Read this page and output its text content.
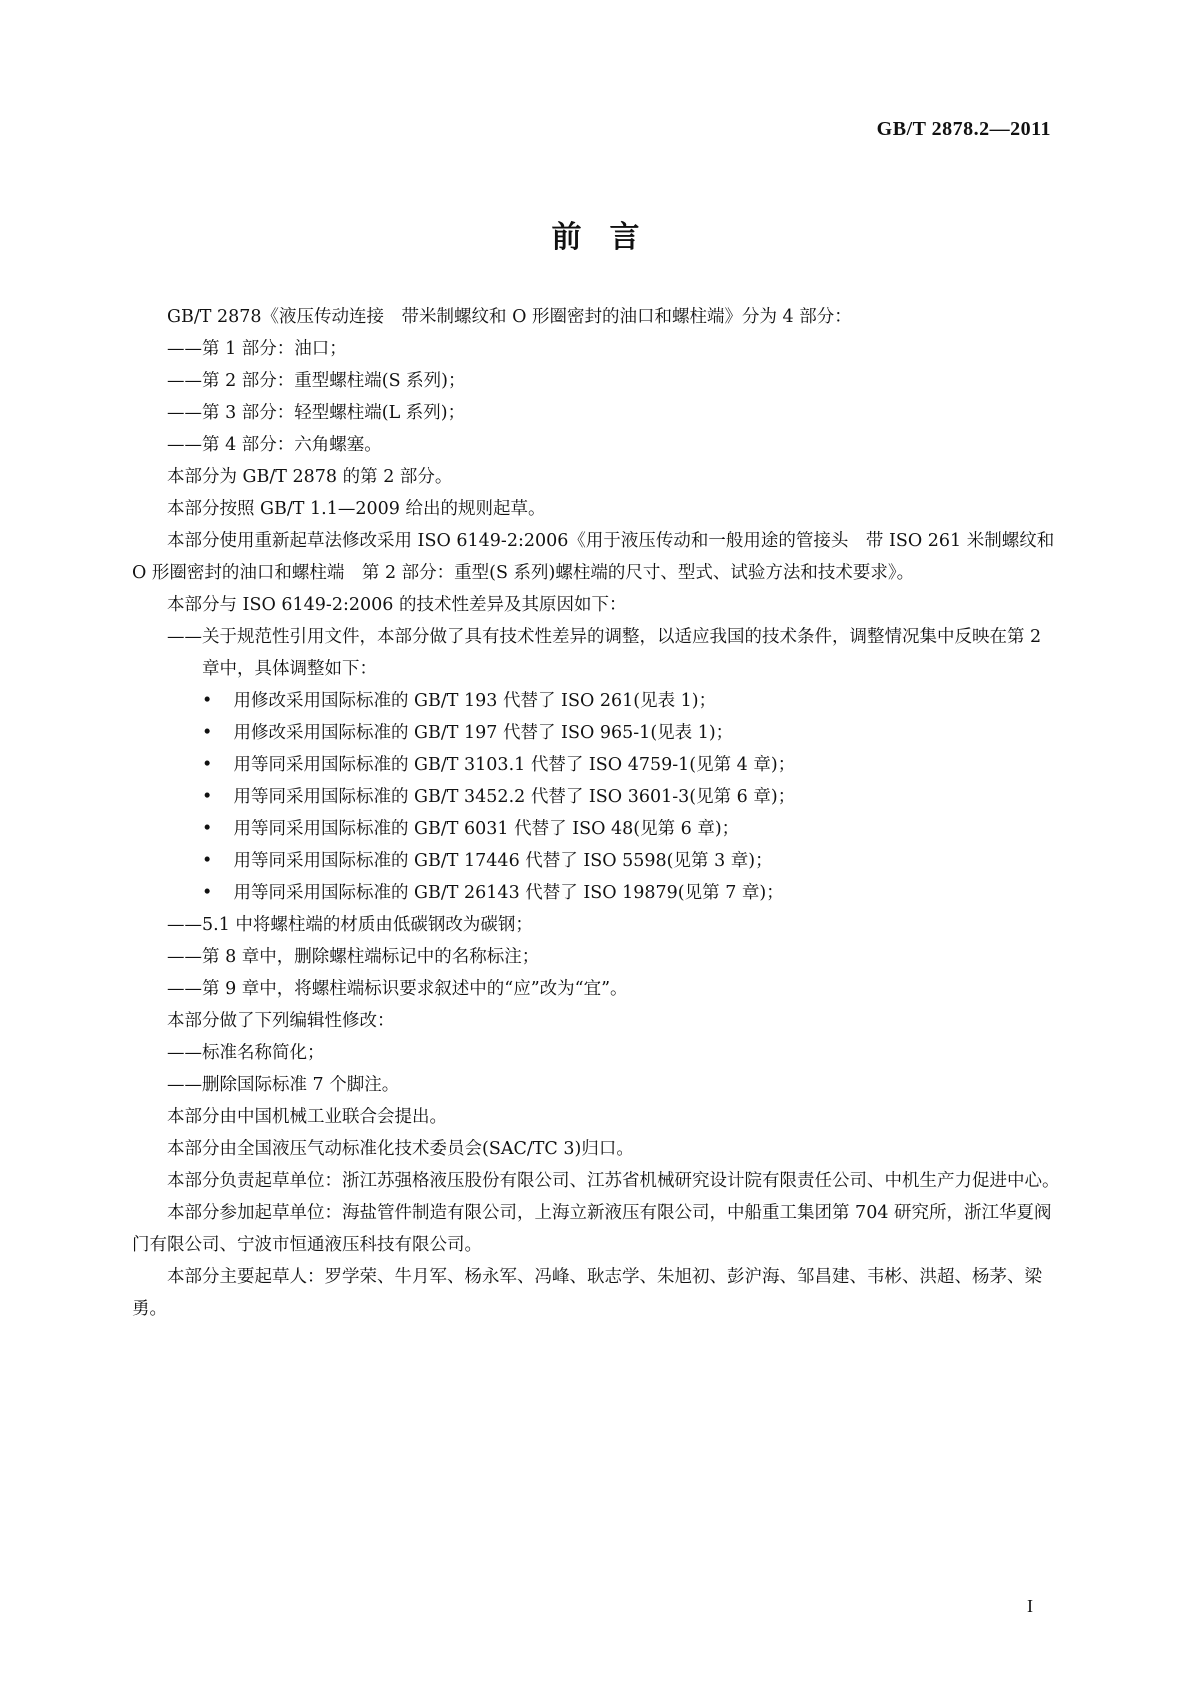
GB/T 2878.2—2011
前言

GB/T 2878《液压传动连接　带米制螺纹和 O 形圈密封的油口和螺柱端》分为 4 部分：

——第 1 部分：油口；

——第 2 部分：重型螺柱端(S 系列)；

——第 3 部分：轻型螺柱端(L 系列)；

——第 4 部分：六角螺塞。

本部分为 GB/T 2878 的第 2 部分。

本部分按照 GB/T 1.1—2009 给出的规则起草。

本部分使用重新起草法修改采用 ISO 6149-2:2006《用于液压传动和一般用途的管接头　带 ISO 261 米制螺纹和 O 形圈密封的油口和螺柱端　第 2 部分：重型(S 系列)螺柱端的尺寸、型式、试验方法和技术要求》。

本部分与 ISO 6149-2:2006 的技术性差异及其原因如下：

——关于规范性引用文件，本部分做了具有技术性差异的调整，以适应我国的技术条件，调整情况集中反映在第 2 章中，具体调整如下：

•	用修改采用国际标准的 GB/T 193 代替了 ISO 261(见表 1)；
•	用修改采用国际标准的 GB/T 197 代替了 ISO 965-1(见表 1)；
•	用等同采用国际标准的 GB/T 3103.1 代替了 ISO 4759-1(见第 4 章)；
•	用等同采用国际标准的 GB/T 3452.2 代替了 ISO 3601-3(见第 6 章)；
•	用等同采用国际标准的 GB/T 6031 代替了 ISO 48(见第 6 章)；
•	用等同采用国际标准的 GB/T 17446 代替了 ISO 5598(见第 3 章)；
•	用等同采用国际标准的 GB/T 26143 代替了 ISO 19879(见第 7 章)；

——5.1 中将螺柱端的材质由低碳钢改为碳钢；

——第 8 章中，删除螺柱端标记中的名称标注；

——第 9 章中，将螺柱端标识要求叙述中的“应”改为“宜”。

本部分做了下列编辑性修改：

——标准名称简化；

——删除国际标准 7 个脚注。

本部分由中国机械工业联合会提出。

本部分由全国液压气动标准化技术委员会(SAC/TC 3)归口。

本部分负责起草单位：浙江苏强格液压股份有限公司、江苏省机械研究设计院有限责任公司、中机生产力促进中心。

本部分参加起草单位：海盐管件制造有限公司，上海立新液压有限公司，中船重工集团第 704 研究所，浙江华夏阀门有限公司、宁波市恒通液压科技有限公司。

本部分主要起草人：罗学荣、牛月军、杨永军、冯峰、耿志学、朱旭初、彭沪海、邹昌建、韦彬、洪超、杨茅、梁勇。

I
